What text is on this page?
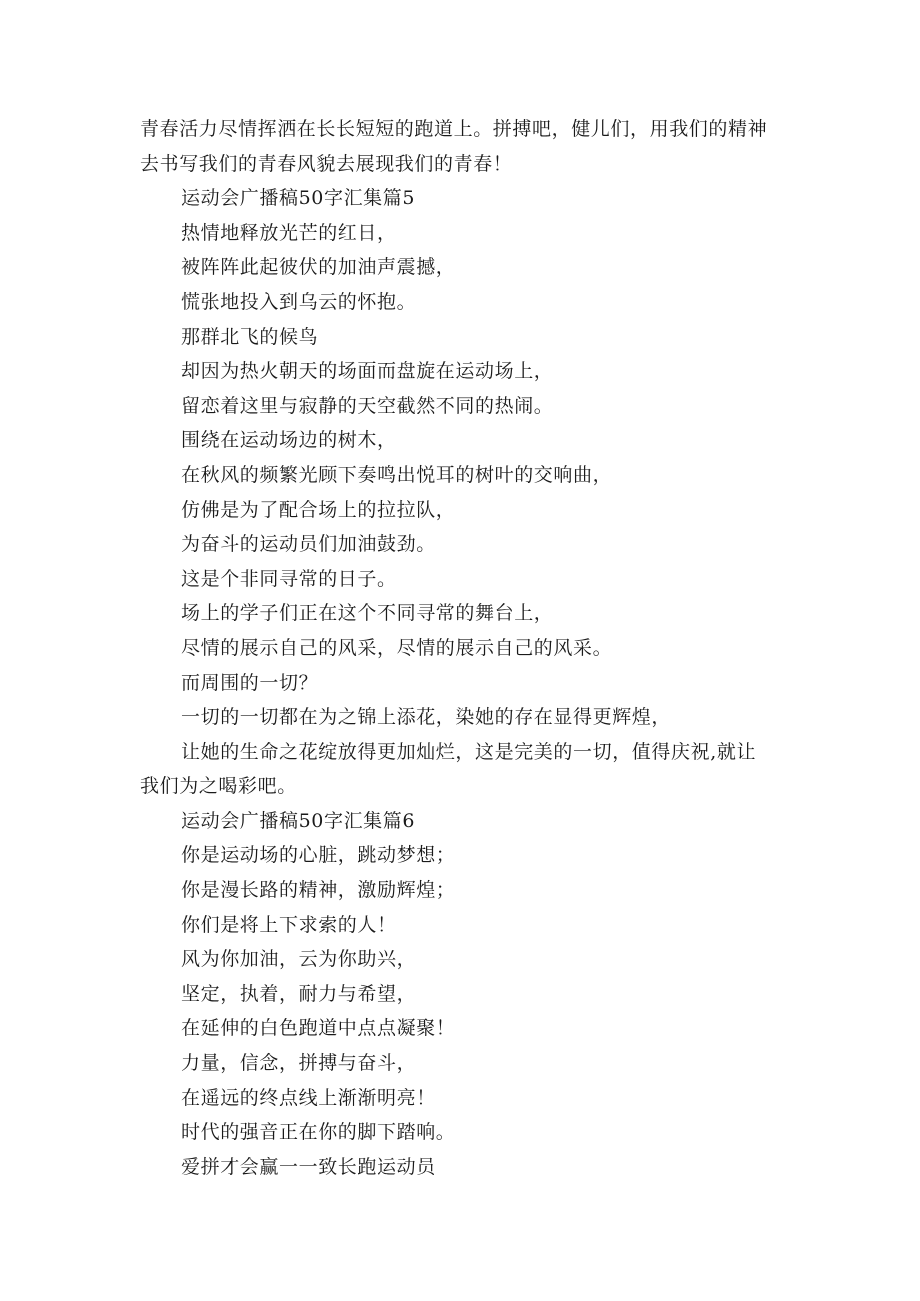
青春活力尽情挥洒在长长短短的跑道上。拼搏吧，健儿们，用我们的精神

去书写我们的青春风貌去展现我们的青春！

运动会广播稿50字汇集篇5

热情地释放光芒的红日，

被阵阵此起彼伏的加油声震撼，

慌张地投入到乌云的怀抱。

那群北飞的候鸟

却因为热火朝天的场面而盘旋在运动场上，

留恋着这里与寂静的天空截然不同的热闹。

围绕在运动场边的树木，

在秋风的频繁光顾下奏鸣出悦耳的树叶的交响曲，

仿佛是为了配合场上的拉拉队，

为奋斗的运动员们加油鼓劲。

这是个非同寻常的日子。

场上的学子们正在这个不同寻常的舞台上，

尽情的展示自己的风采，尽情的展示自己的风采。

而周围的一切？

一切的一切都在为之锦上添花，染她的存在显得更辉煌，

让她的生命之花绽放得更加灿烂，这是完美的一切，值得庆祝,就让

我们为之喝彩吧。

运动会广播稿50字汇集篇6

你是运动场的心脏，跳动梦想；

你是漫长路的精神，激励辉煌；

你们是将上下求索的人！

风为你加油，云为你助兴，

坚定，执着，耐力与希望，

在延伸的白色跑道中点点凝聚！

力量，信念，拼搏与奋斗，

在遥远的终点线上渐渐明亮！

时代的强音正在你的脚下踏响。

爱拼才会赢一一致长跑运动员
